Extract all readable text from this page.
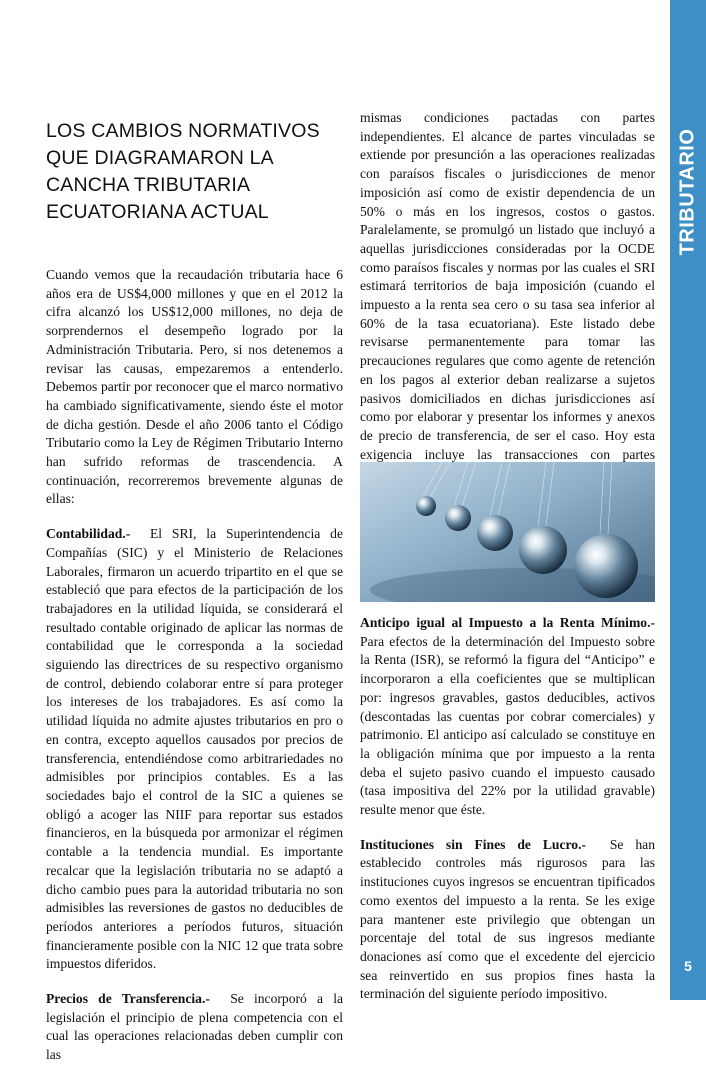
TRIBUTARIO
5
LOS CAMBIOS NORMATIVOS QUE DIAGRAMARON LA CANCHA TRIBUTARIA ECUATORIANA ACTUAL

Cuando vemos que la recaudación tributaria hace 6 años era de US$4,000 millones y que en el 2012 la cifra alcanzó los US$12,000 millones, no deja de sorprendernos el desempeño logrado por la Administración Tributaria. Pero, si nos detenemos a revisar las causas, empezaremos a entenderlo. Debemos partir por reconocer que el marco normativo ha cambiado significativamente, siendo éste el motor de dicha gestión. Desde el año 2006 tanto el Código Tributario como la Ley de Régimen Tributario Interno han sufrido reformas de trascendencia. A continuación, recorreremos brevemente algunas de ellas:

Contabilidad.- El SRI, la Superintendencia de Compañías (SIC) y el Ministerio de Relaciones Laborales, firmaron un acuerdo tripartito en el que se estableció que para efectos de la participación de los trabajadores en la utilidad líquida, se considerará el resultado contable originado de aplicar las normas de contabilidad que le corresponda a la sociedad siguiendo las directrices de su respectivo organismo de control, debiendo colaborar entre sí para proteger los intereses de los trabajadores. Es así como la utilidad líquida no admite ajustes tributarios en pro o en contra, excepto aquellos causados por precios de transferencia, entendiéndose como arbitrariedades no admisibles por principios contables. Es a las sociedades bajo el control de la SIC a quienes se obligó a acoger las NIIF para reportar sus estados financieros, en la búsqueda por armonizar el régimen contable a la tendencia mundial. Es importante recalcar que la legislación tributaria no se adaptó a dicho cambio pues para la autoridad tributaria no son admisibles las reversiones de gastos no deducibles de períodos anteriores a períodos futuros, situación financieramente posible con la NIC 12 que trata sobre impuestos diferidos.

Precios de Transferencia.- Se incorporó a la legislación el principio de plena competencia con el cual las operaciones relacionadas deben cumplir con las

mismas condiciones pactadas con partes independientes. El alcance de partes vinculadas se extiende por presunción a las operaciones realizadas con paraísos fiscales o jurisdicciones de menor imposición así como de existir dependencia de un 50% o más en los ingresos, costos o gastos. Paralelamente, se promulgó un listado que incluyó a aquellas jurisdicciones consideradas por la OCDE como paraísos fiscales y normas por las cuales el SRI estimará territorios de baja imposición (cuando el impuesto a la renta sea cero o su tasa sea inferior al 60% de la tasa ecuatoriana). Este listado debe revisarse permanentemente para tomar las precauciones regulares que como agente de retención en los pagos al exterior deban realizarse a sujetos pasivos domiciliados en dichas jurisdicciones así como por elaborar y presentar los informes y anexos de precio de transferencia, de ser el caso. Hoy esta exigencia incluye las transacciones con partes

Anticipo igual al Impuesto a la Renta Mínimo.- Para efectos de la determinación del Impuesto sobre la Renta (ISR), se reformó la figura del “Anticipo” e incorporaron a ella coeficientes que se multiplican por: ingresos gravables, gastos deducibles, activos (descontadas las cuentas por cobrar comerciales) y patrimonio. El anticipo así calculado se constituye en la obligación mínima que por impuesto a la renta deba el sujeto pasivo cuando el impuesto causado (tasa impositiva del 22% por la utilidad gravable) resulte menor que éste.

Instituciones sin Fines de Lucro.- Se han establecido controles más rigurosos para las instituciones cuyos ingresos se encuentran tipificados como exentos del impuesto a la renta. Se les exige para mantener este privilegio que obtengan un porcentaje del total de sus ingresos mediante donaciones así como que el excedente del ejercicio sea reinvertido en sus propios fines hasta la terminación del siguiente período impositivo.
